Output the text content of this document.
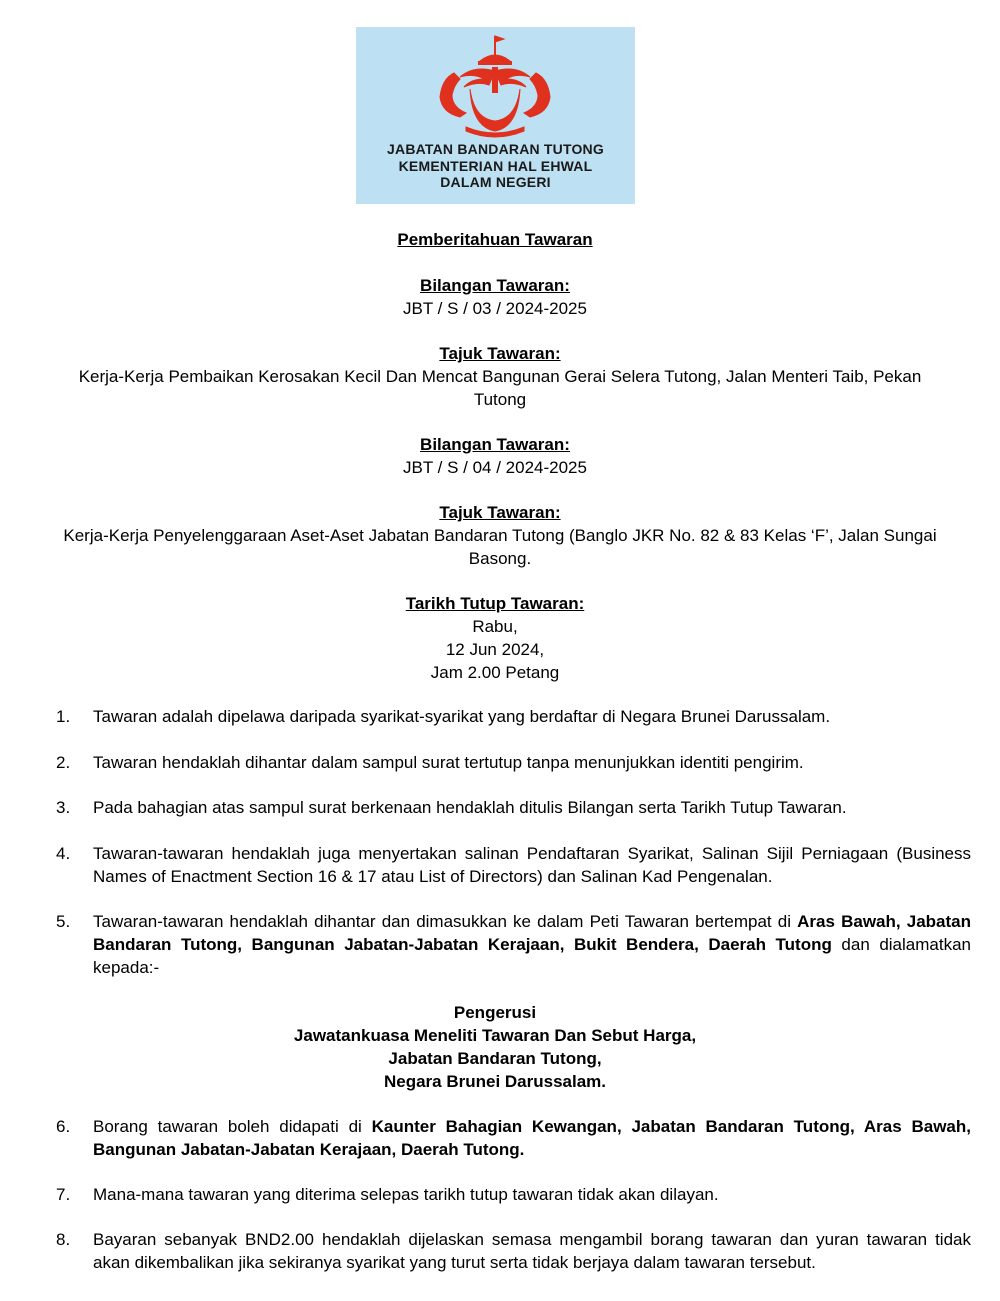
JABATAN BANDARAN TUTONG
KEMENTERIAN HAL EHWAL
DALAM NEGERI
Pemberitahuan Tawaran
Bilangan Tawaran:
JBT / S / 03 / 2024-2025
Tajuk Tawaran:
Kerja-Kerja Pembaikan Kerosakan Kecil Dan Mencat Bangunan Gerai Selera Tutong, Jalan Menteri Taib, Pekan
Tutong
Bilangan Tawaran:
JBT / S / 04 / 2024-2025
Tajuk Tawaran:
Kerja-Kerja Penyelenggaraan Aset-Aset Jabatan Bandaran Tutong (Banglo JKR No. 82 & 83 Kelas ‘F’, Jalan Sungai
Basong.
Tarikh Tutup Tawaran:
Rabu,
12 Jun 2024,
Jam 2.00 Petang

1. Tawaran adalah dipelawa daripada syarikat-syarikat yang berdaftar di Negara Brunei Darussalam.

2. Tawaran hendaklah dihantar dalam sampul surat tertutup tanpa menunjukkan identiti pengirim.

3. Pada bahagian atas sampul surat berkenaan hendaklah ditulis Bilangan serta Tarikh Tutup Tawaran.

4. Tawaran-tawaran hendaklah juga menyertakan salinan Pendaftaran Syarikat, Salinan Sijil Perniagaan (Business Names of Enactment Section 16 & 17 atau List of Directors) dan Salinan Kad Pengenalan.

5. Tawaran-tawaran hendaklah dihantar dan dimasukkan ke dalam Peti Tawaran bertempat di Aras Bawah, Jabatan Bandaran Tutong, Bangunan Jabatan-Jabatan Kerajaan, Bukit Bendera, Daerah Tutong dan dialamatkan kepada:-

Pengerusi
Jawatankuasa Meneliti Tawaran Dan Sebut Harga,
Jabatan Bandaran Tutong,
Negara Brunei Darussalam.

6. Borang tawaran boleh didapati di Kaunter Bahagian Kewangan, Jabatan Bandaran Tutong, Aras Bawah, Bangunan Jabatan-Jabatan Kerajaan, Daerah Tutong.

7. Mana-mana tawaran yang diterima selepas tarikh tutup tawaran tidak akan dilayan.

8. Bayaran sebanyak BND2.00 hendaklah dijelaskan semasa mengambil borang tawaran dan yuran tawaran tidak akan dikembalikan jika sekiranya syarikat yang turut serta tidak berjaya dalam tawaran tersebut.
